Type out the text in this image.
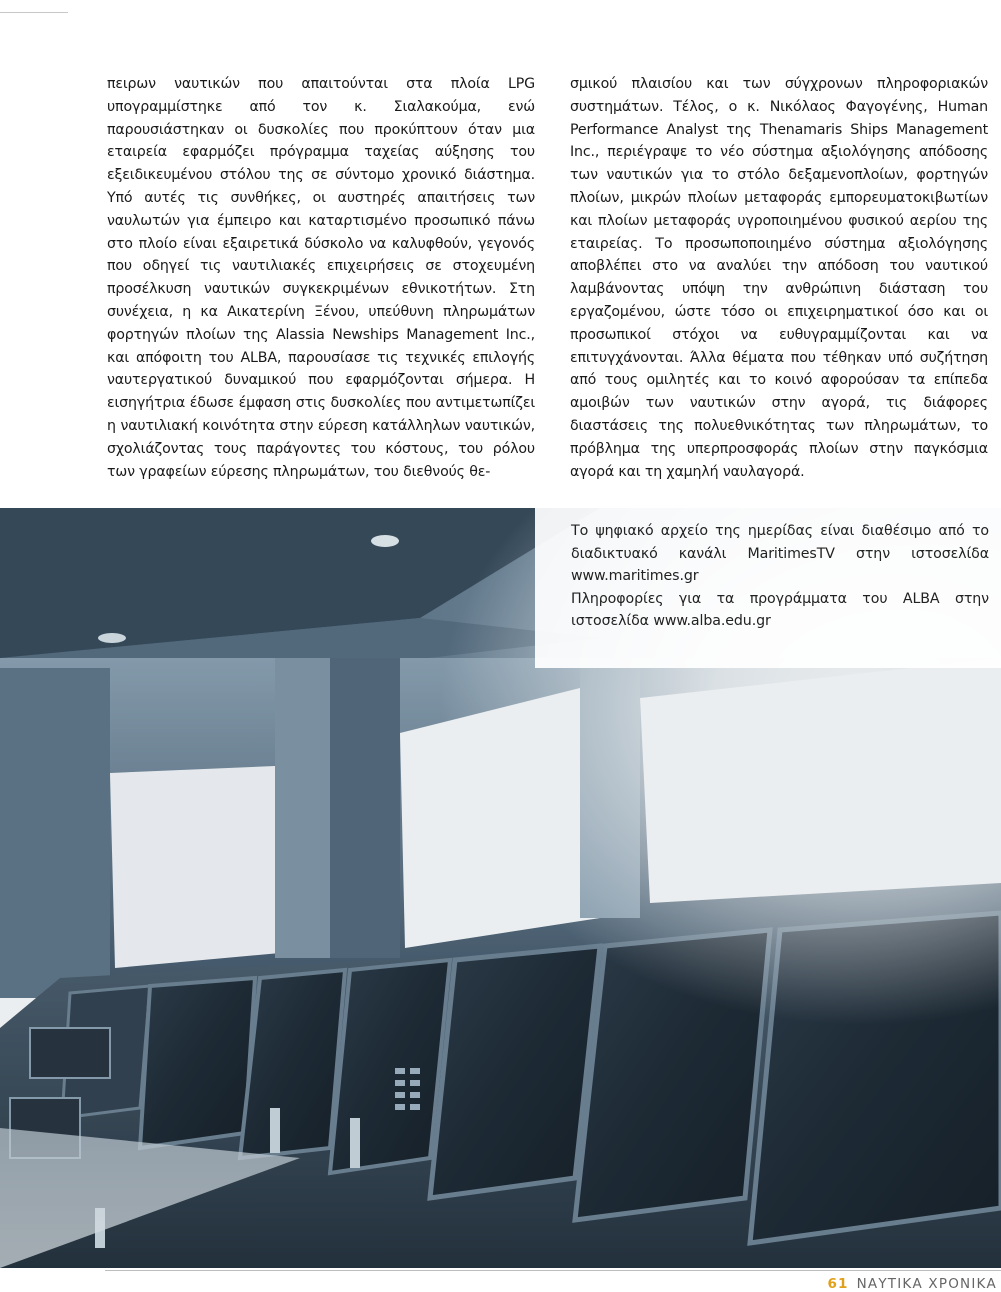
πειρων ναυτικών που απαιτούνται στα πλοία LPG υπογραμμίστηκε από τον κ. Σιαλακούμα, ενώ παρουσιάστηκαν οι δυσκολίες που προκύπτουν όταν μια εταιρεία εφαρμόζει πρόγραμμα ταχείας αύξησης του εξειδικευμένου στόλου της σε σύντομο χρονικό διάστημα. Υπό αυτές τις συνθήκες, οι αυστηρές απαιτήσεις των ναυλωτών για έμπειρο και καταρτισμένο προσωπικό πάνω στο πλοίο είναι εξαιρετικά δύσκολο να καλυφθούν, γεγονός που οδηγεί τις ναυτιλιακές επιχειρήσεις σε στοχευμένη προσέλκυση ναυτικών συγκεκριμένων εθνικοτήτων. Στη συνέχεια, η κα Αικατερίνη Ξένου, υπεύθυνη πληρωμάτων φορτηγών πλοίων της Alassia Newships Management Inc., και απόφοιτη του ALBA, παρουσίασε τις τεχνικές επιλογής ναυτεργατικού δυναμικού που εφαρμόζονται σήμερα. Η εισηγήτρια έδωσε έμφαση στις δυσκολίες που αντιμετωπίζει η ναυτιλιακή κοινότητα στην εύρεση κατάλληλων ναυτικών, σχολιάζοντας τους παράγοντες του κόστους, του ρόλου των γραφείων εύρεσης πληρωμάτων, του διεθνούς θε-

σμικού πλαισίου και των σύγχρονων πληροφοριακών συστημάτων. Τέλος, ο κ. Νικόλαος Φαγογένης, Human Performance Analyst της Thenamaris Ships Management Inc., περιέγραψε το νέο σύστημα αξιολόγησης απόδοσης των ναυτικών για το στόλο δεξαμενοπλοίων, φορτηγών πλοίων, μικρών πλοίων μεταφοράς εμπορευματοκιβωτίων και πλοίων μεταφοράς υγροποιημένου φυσικού αερίου της εταιρείας. Το προσωποποιημένο σύστημα αξιολόγησης αποβλέπει στο να αναλύει την απόδοση του ναυτικού λαμβάνοντας υπόψη την ανθρώπινη διάσταση του εργαζομένου, ώστε τόσο οι επιχειρηματικοί όσο και οι προσωπικοί στόχοι να ευθυγραμμίζονται και να επιτυγχάνονται. Άλλα θέματα που τέθηκαν υπό συζήτηση από τους ομιλητές και το κοινό αφορούσαν τα επίπεδα αμοιβών των ναυτικών στην αγορά, τις διάφορες διαστάσεις της πολυεθνικότητας των πληρωμάτων, το πρόβλημα της υπερπροσφοράς πλοίων στην παγκόσμια αγορά και τη χαμηλή ναυλαγορά.

Το ψηφιακό αρχείο της ημερίδας είναι διαθέσιμο από το διαδικτυακό κανάλι MaritimesTV στην ιστοσελίδα www.maritimes.gr

Πληροφορίες για τα προγράμματα του ALBA στην ιστοσελίδα www.alba.edu.gr

61 ΝΑΥΤΙΚΑ ΧΡΟΝΙΚΑ
